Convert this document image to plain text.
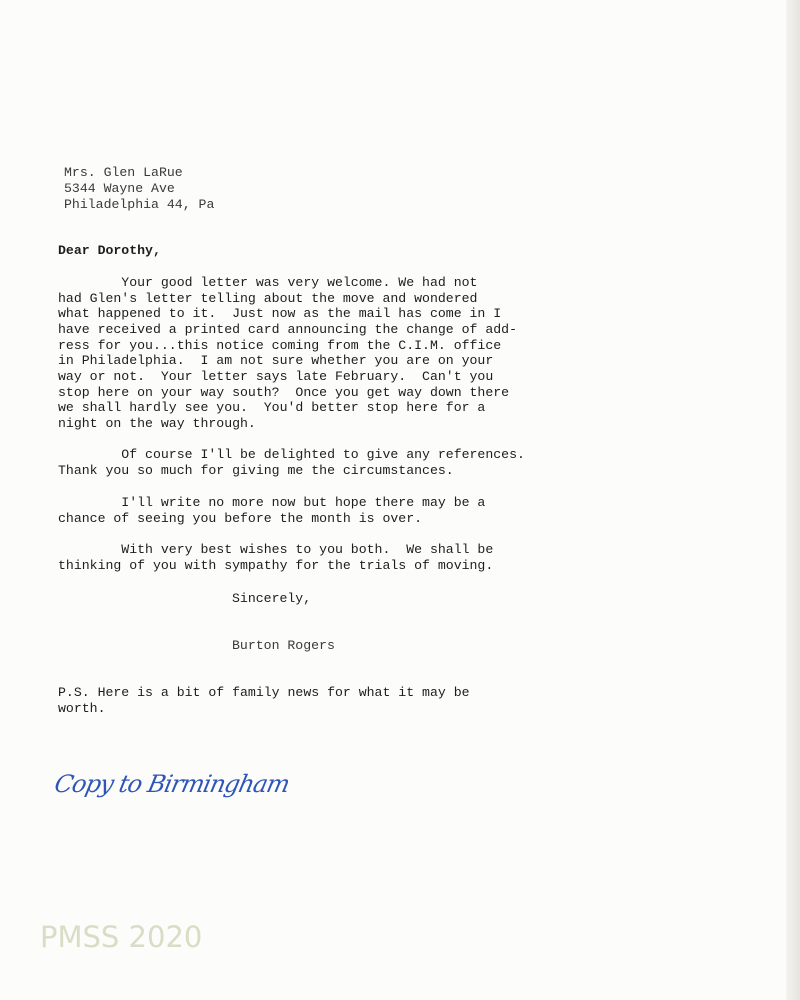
Mrs. Glen LaRue
5344 Wayne Ave
Philadelphia 44, Pa
Dear Dorothy,
Your good letter was very welcome. We had not
had Glen's letter telling about the move and wondered
what happened to it.  Just now as the mail has come in I
have received a printed card announcing the change of add-
ress for you...this notice coming from the C.I.M. office
in Philadelphia.  I am not sure whether you are on your
way or not.  Your letter says late February.  Can't you
stop here on your way south?  Once you get way down there
we shall hardly see you.  You'd better stop here for a
night on the way through.
Of course I'll be delighted to give any references.
Thank you so much for giving me the circumstances.
I'll write no more now but hope there may be a
chance of seeing you before the month is over.
With very best wishes to you both.  We shall be
thinking of you with sympathy for the trials of moving.
Sincerely,
Burton Rogers
P.S. Here is a bit of family news for what it may be
worth.
Copy to Birmingham
PMSS 2020
